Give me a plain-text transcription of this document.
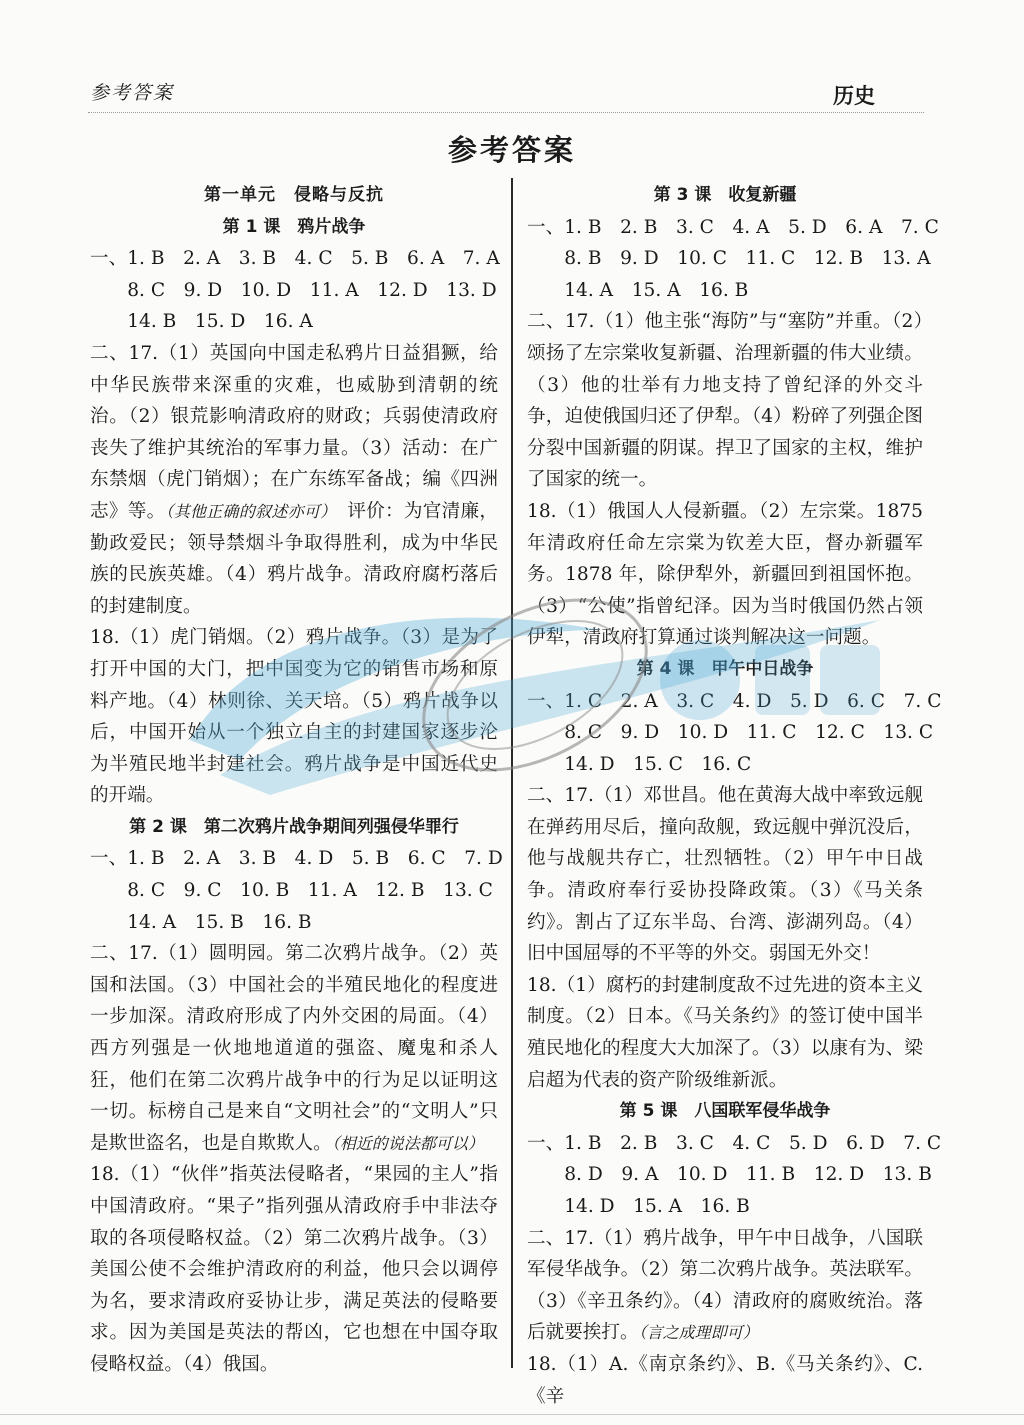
参考答案	历史
参考答案
第一单元　侵略与反抗
第 1 课　鸦片战争
一、1. B　2. A　3. B　4. C　5. B　6. A　7. A
　　8. C　9. D　10. D　11. A　12. D　13. D
　　14. B　15. D　16. A
二、17.（1）英国向中国走私鸦片日益猖獗，给中华民族带来深重的灾难，也威胁到清朝的统治。（2）银荒影响清政府的财政；兵弱使清政府丧失了维护其统治的军事力量。（3）活动：在广东禁烟（虎门销烟）；在广东练军备战；编《四洲志》等。（其他正确的叙述亦可）　评价：为官清廉，勤政爱民；领导禁烟斗争取得胜利，成为中华民族的民族英雄。（4）鸦片战争。清政府腐朽落后的封建制度。
18.（1）虎门销烟。（2）鸦片战争。（3）是为了打开中国的大门，把中国变为它的销售市场和原料产地。（4）林则徐、关天培。（5）鸦片战争以后，中国开始从一个独立自主的封建国家逐步沦为半殖民地半封建社会。鸦片战争是中国近代史的开端。
第 2 课　第二次鸦片战争期间列强侵华罪行
一、1. B　2. A　3. B　4. D　5. B　6. C　7. D
　　8. C　9. C　10. B　11. A　12. B　13. C
　　14. A　15. B　16. B
二、17.（1）圆明园。第二次鸦片战争。（2）英国和法国。（3）中国社会的半殖民地化的程度进一步加深。清政府形成了内外交困的局面。（4）西方列强是一伙地地道道的强盗、魔鬼和杀人狂，他们在第二次鸦片战争中的行为足以证明这一切。标榜自己是来自“文明社会”的“文明人”只是欺世盗名，也是自欺欺人。（相近的说法都可以）
18.（1）“伙伴”指英法侵略者，“果园的主人”指中国清政府。“果子”指列强从清政府手中非法夺取的各项侵略权益。（2）第二次鸦片战争。（3）美国公使不会维护清政府的利益，他只会以调停为名，要求清政府妥协让步，满足英法的侵略要求。因为美国是英法的帮凶，它也想在中国夺取侵略权益。（4）俄国。
第 3 课　收复新疆
一、1. B　2. B　3. C　4. A　5. D　6. A　7. C
　　8. B　9. D　10. C　11. C　12. B　13. A
　　14. A　15. A　16. B
二、17.（1）他主张“海防”与“塞防”并重。（2）颂扬了左宗棠收复新疆、治理新疆的伟大业绩。（3）他的壮举有力地支持了曾纪泽的外交斗争，迫使俄国归还了伊犁。（4）粉碎了列强企图分裂中国新疆的阴谋。捍卫了国家的主权，维护了国家的统一。
18.（1）俄国人人侵新疆。（2）左宗棠。1875 年清政府任命左宗棠为钦差大臣，督办新疆军务。1878 年，除伊犁外，新疆回到祖国怀抱。（3）“公使”指曾纪泽。因为当时俄国仍然占领伊犁，清政府打算通过谈判解决这一问题。
第 4 课　甲午中日战争
一、1. C　2. A　3. C　4. D　5. D　6. C　7. C
　　8. C　9. D　10. D　11. C　12. C　13. C
　　14. D　15. C　16. C
二、17.（1）邓世昌。他在黄海大战中率致远舰在弹药用尽后，撞向敌舰，致远舰中弹沉没后，他与战舰共存亡，壮烈牺牲。（2）甲午中日战争。清政府奉行妥协投降政策。（3）《马关条约》。割占了辽东半岛、台湾、澎湖列岛。（4）旧中国屈辱的不平等的外交。弱国无外交！
18.（1）腐朽的封建制度敌不过先进的资本主义制度。（2）日本。《马关条约》的签订使中国半殖民地化的程度大大加深了。（3）以康有为、梁启超为代表的资产阶级维新派。
第 5 课　八国联军侵华战争
一、1. B　2. B　3. C　4. C　5. D　6. D　7. C
　　8. D　9. A　10. D　11. B　12. D　13. B
　　14. D　15. A　16. B
二、17.（1）鸦片战争，甲午中日战争，八国联军侵华战争。（2）第二次鸦片战争。英法联军。（3）《辛丑条约》。（4）清政府的腐败统治。落后就要挨打。（言之成理即可）
18.（1）A.《南京条约》、B.《马关条约》、C.《辛
